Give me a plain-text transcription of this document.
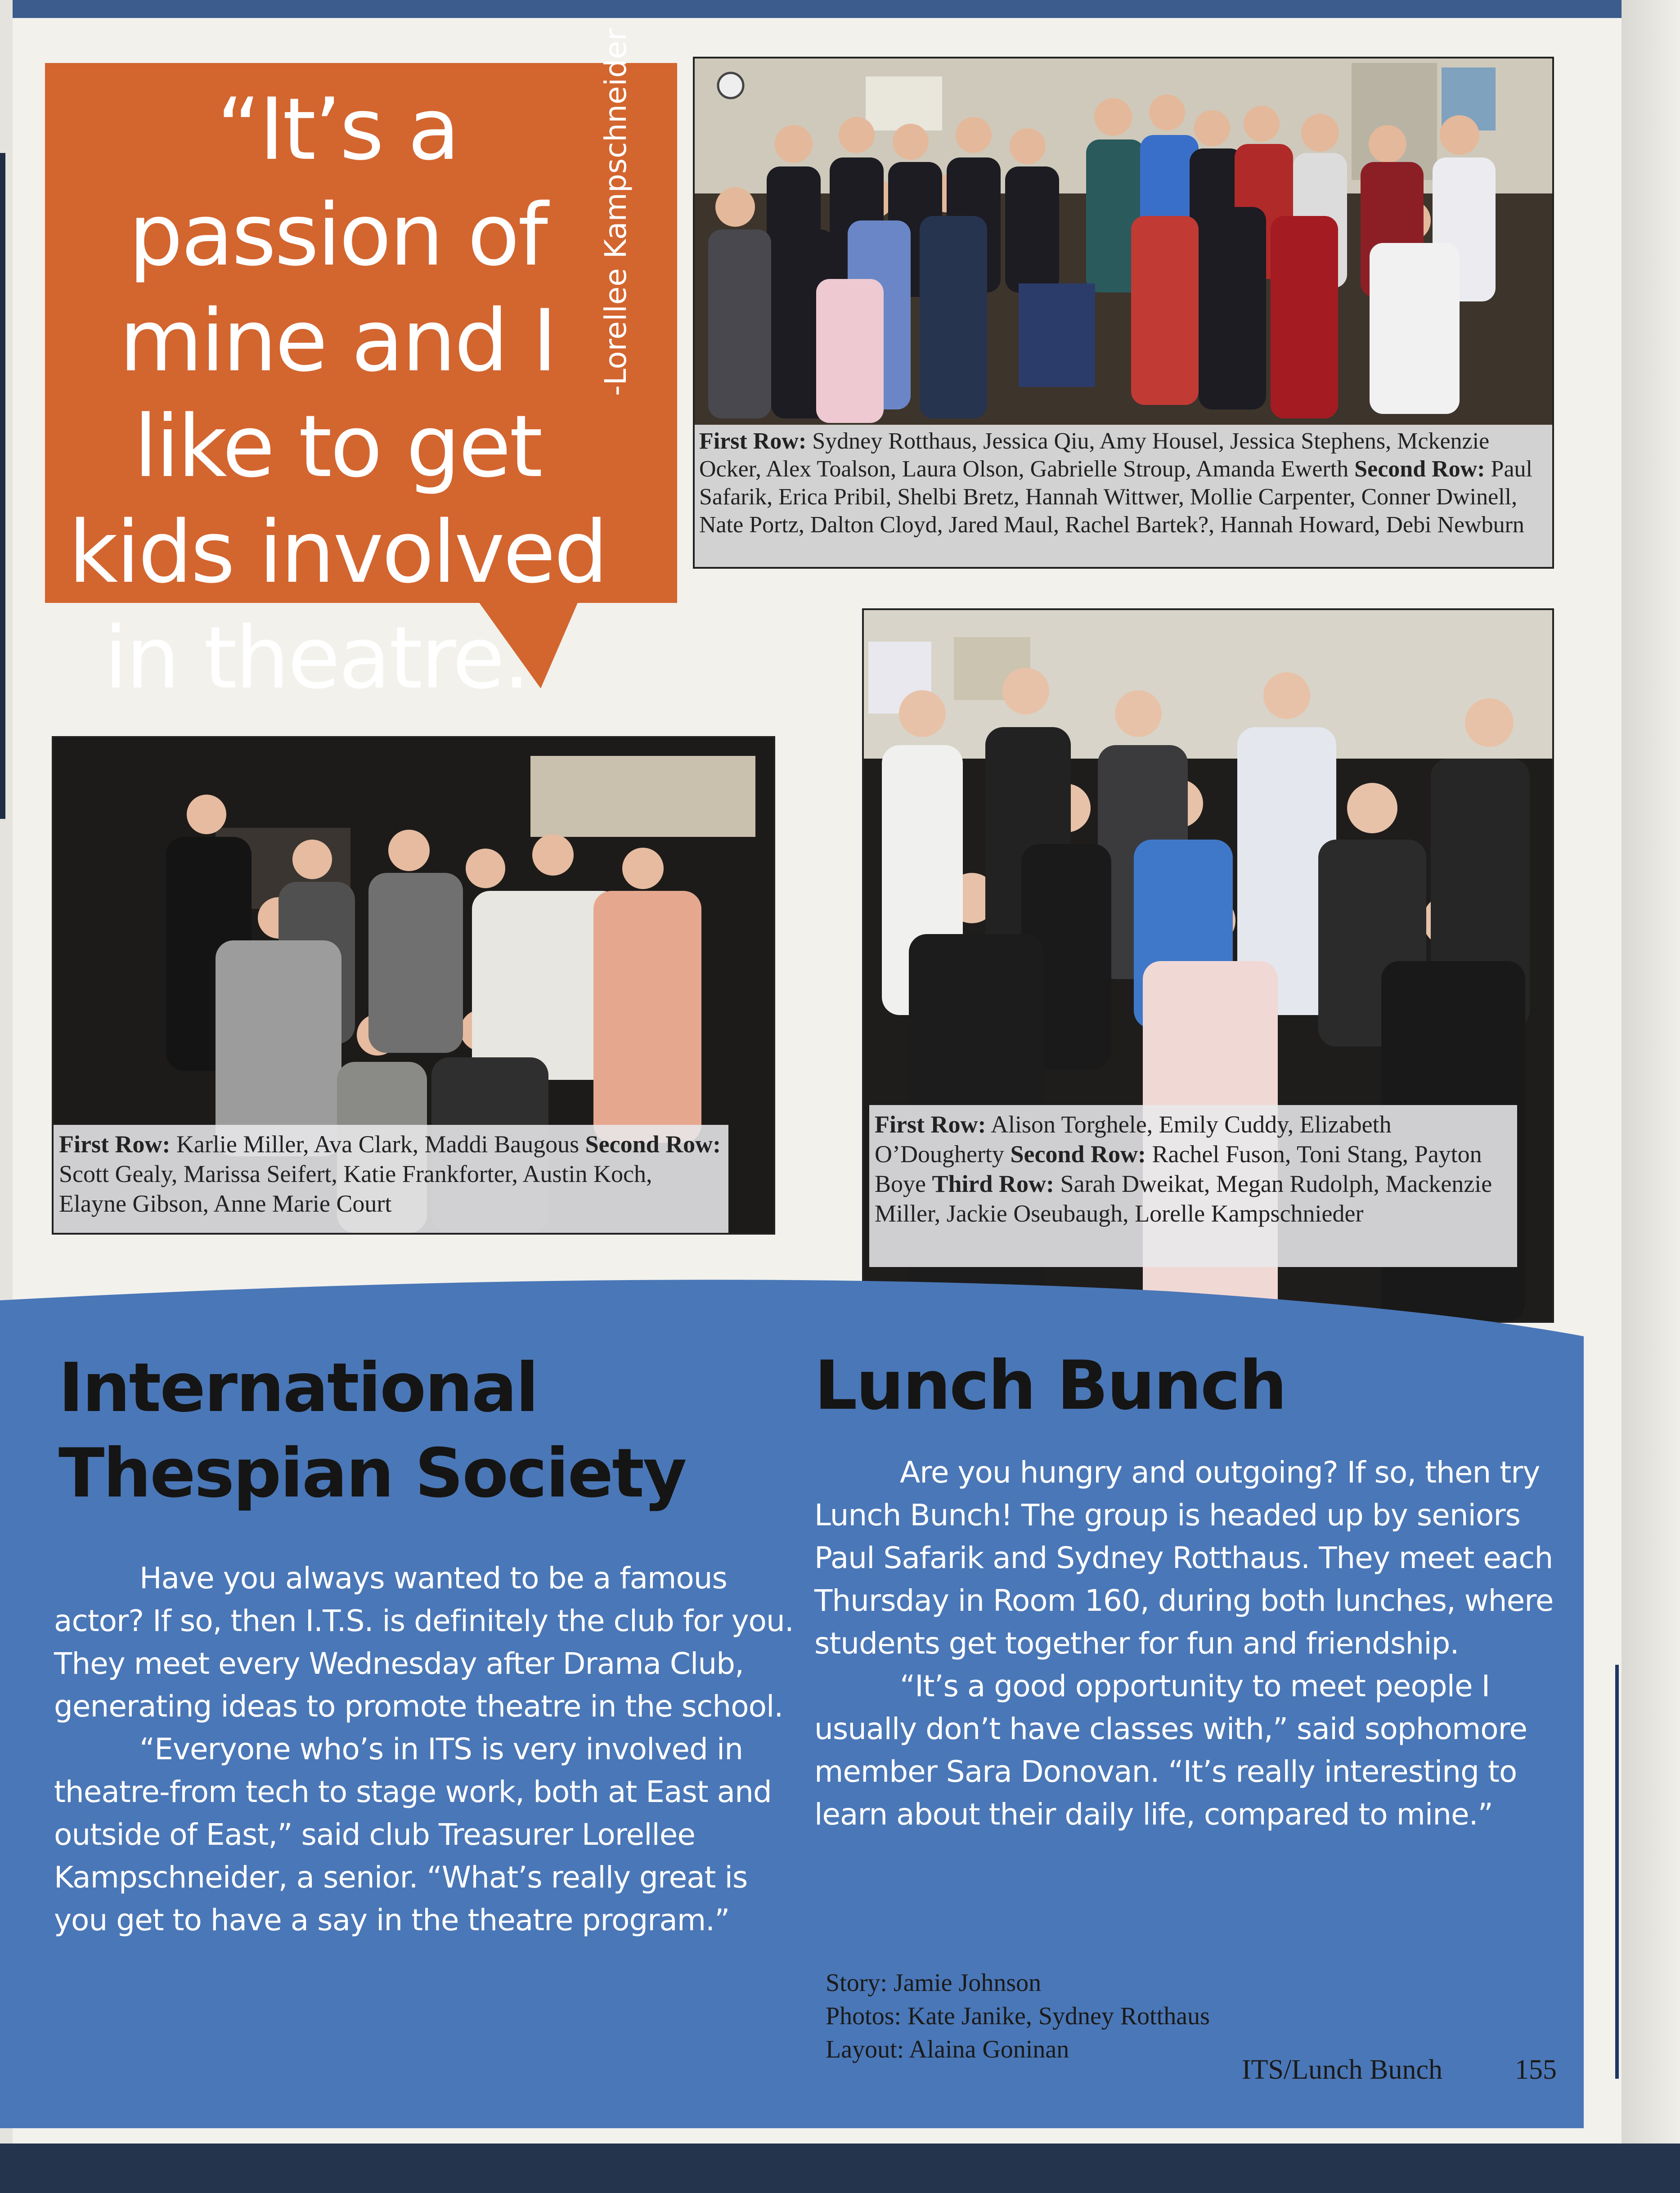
“It’s a passion of mine and I like to get kids involved in theatre.”
-Lorellee Kampschneider
First Row: Sydney Rotthaus, Jessica Qiu, Amy Housel, Jessica Stephens, Mckenzie Ocker, Alex Toalson, Laura Olson, Gabrielle Stroup, Amanda Ewerth Second Row: Paul Safarik, Erica Pribil, Shelbi Bretz, Hannah Wittwer, Mollie Carpenter, Conner Dwinell, Nate Portz, Dalton Cloyd, Jared Maul, Rachel Bartek?, Hannah Howard, Debi Newburn
First Row: Karlie Miller, Ava Clark, Maddi Baugous Second Row: Scott Gealy, Marissa Seifert, Katie Frankforter, Austin Koch, Elayne Gibson, Anne Marie Court
First Row: Alison Torghele, Emily Cuddy, Elizabeth O’Dougherty Second Row: Rachel Fuson, Toni Stang, Payton Boye Third Row: Sarah Dweikat, Megan Rudolph, Mackenzie Miller, Jackie Oseubaugh, Lorelle Kampschnieder
International
Thespian Society

Have you always wanted to be a famous actor? If so, then I.T.S. is definitely the club for you. They meet every Wednesday after Drama Club, generating ideas to promote theatre in the school.

“Everyone who’s in ITS is very involved in theatre-from tech to stage work, both at East and outside of East,” said club Treasurer Lorellee Kampschneider, a senior. “What’s really great is you get to have a say in the theatre program.”

Lunch Bunch

Are you hungry and outgoing? If so, then try Lunch Bunch! The group is headed up by seniors Paul Safarik and Sydney Rotthaus. They meet each Thursday in Room 160, during both lunches, where students get together for fun and friendship.

“It’s a good opportunity to meet people I usually don’t have classes with,” said sophomore member Sara Donovan. “It’s really interesting to learn about their daily life, compared to mine.”

Story: Jamie Johnson
Photos: Kate Janike, Sydney Rotthaus
Layout: Alaina Goninan
ITS/Lunch Bunch	155
